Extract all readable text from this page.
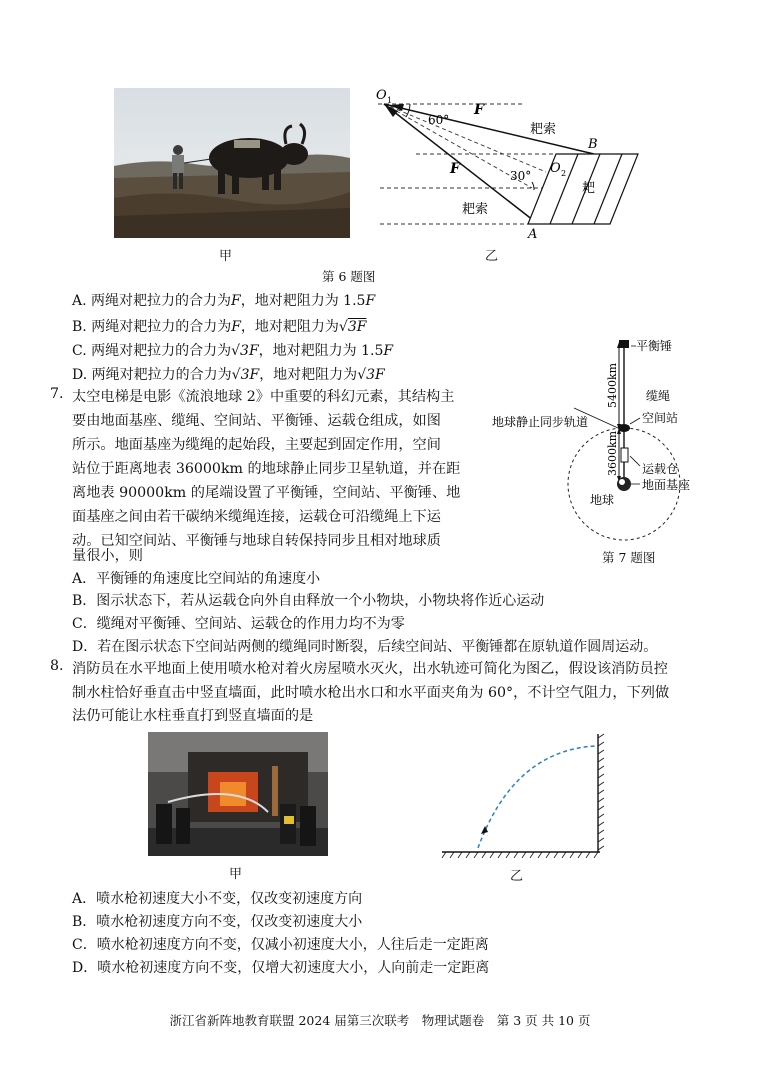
甲
O 1
F
60°
耙索
B
O 2
30°
F
耙
耙索
A
乙
第 6 题图
A. 两绳对耙拉力的合力为F，地对耙阻力为 1.5F
B. 两绳对耙拉力的合力为F，地对耙阻力为√3F
C. 两绳对耙拉力的合力为√3F，地对耙阻力为 1.5F
D. 两绳对耙拉力的合力为√3F，地对耙阻力为√3F
7. 太空电梯是电影《流浪地球 2》中重要的科幻元素，其结构主
要由地面基座、缆绳、空间站、平衡锤、运载仓组成，如图
所示。地面基座为缆绳的起始段，主要起到固定作用，空间
站位于距离地表 36000km 的地球静止同步卫星轨道，并在距
离地表 90000km 的尾端设置了平衡锤，空间站、平衡锤、地
面基座之间由若干碳纳米缆绳连接，运载仓可沿缆绳上下运
动。已知空间站、平衡锤与地球自转保持同步且相对地球质
量很小，则
平衡锤
缆绳
空间站
地球静止同步轨道
运载仓
地面基座
地球
5400km
3600km
第 7 题图
A．平衡锤的角速度比空间站的角速度小
B．图示状态下，若从运载仓向外自由释放一个小物块，小物块将作近心运动
C．缆绳对平衡锤、空间站、运载仓的作用力均不为零
D．若在图示状态下空间站两侧的缆绳同时断裂，后续空间站、平衡锤都在原轨道作圆周运动。
8. 消防员在水平地面上使用喷水枪对着火房屋喷水灭火，出水轨迹可简化为图乙，假设该消防员控
制水柱恰好垂直击中竖直墙面，此时喷水枪出水口和水平面夹角为 60°，不计空气阻力，下列做
法仍可能让水柱垂直打到竖直墙面的是
甲	乙
A．喷水枪初速度大小不变，仅改变初速度方向
B．喷水枪初速度方向不变，仅改变初速度大小
C．喷水枪初速度方向不变，仅减小初速度大小，人往后走一定距离
D．喷水枪初速度方向不变，仅增大初速度大小，人向前走一定距离
浙江省新阵地教育联盟 2024 届第三次联考　物理试题卷　第 3 页 共 10 页
